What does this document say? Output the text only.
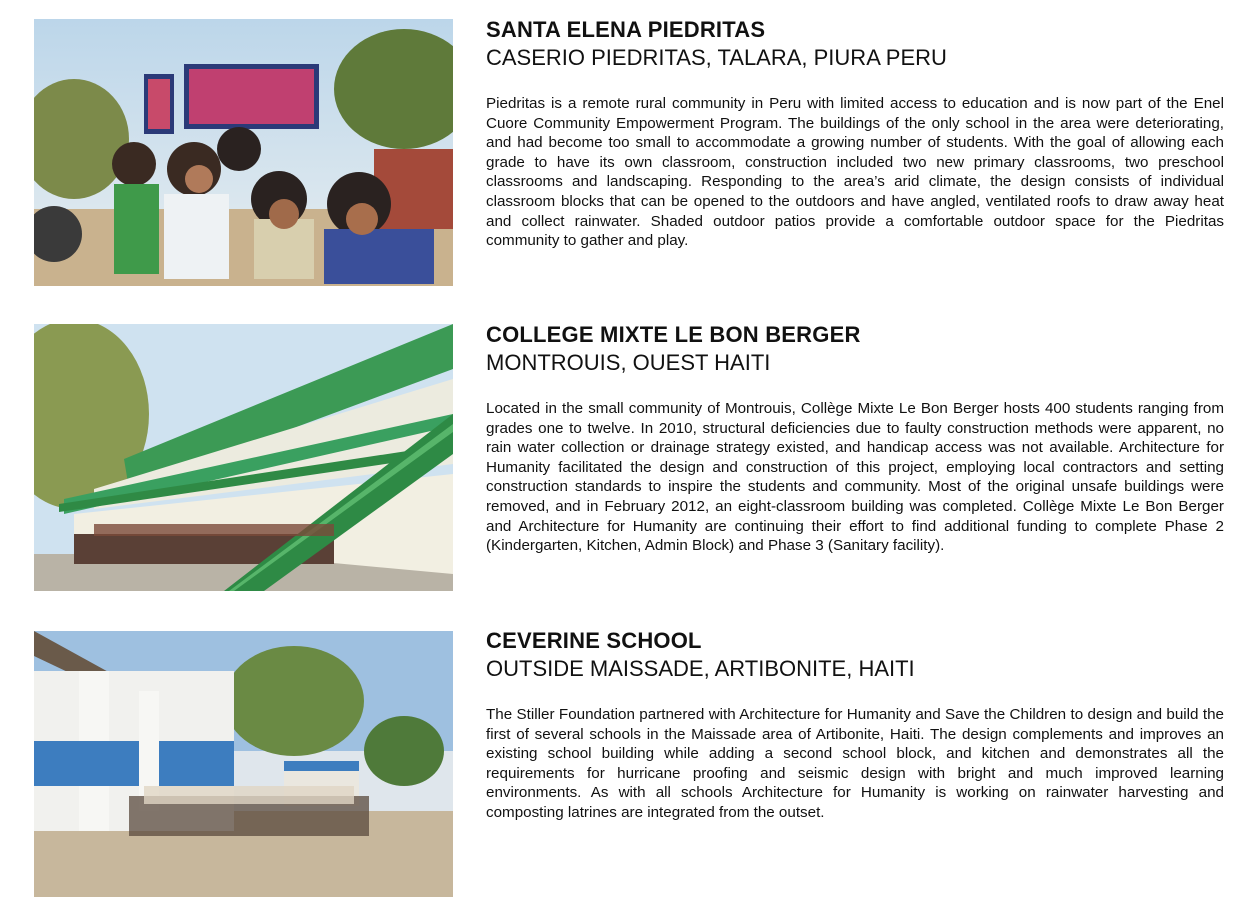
SANTA ELENA PIEDRITAS
CASERIO PIEDRITAS, TALARA, PIURA PERU

Piedritas is a remote rural community in Peru with limited access to education and is now part of the Enel Cuore Community Empowerment Program. The buildings of the only school in the area were deteriorating, and had become too small to accommodate a growing number of students. With the goal of allowing each grade to have its own classroom, construction included two new primary classrooms, two preschool classrooms and landscaping. Responding to the area’s arid climate, the design consists of individual classroom blocks that can be opened to the outdoors and have angled, ventilated roofs to draw away heat and collect rainwater. Shaded outdoor patios provide a comfortable outdoor space for the Piedritas community to gather and play.

COLLEGE MIXTE LE BON BERGER
MONTROUIS, OUEST HAITI

Located in the small community of Montrouis, Collège Mixte Le Bon Berger hosts 400 students ranging from grades one to twelve. In 2010, structural deficiencies due to faulty construction methods were apparent, no rain water collection or drainage strategy existed, and handicap access was not available. Architecture for Humanity facilitated the design and construction of this project, employing local contractors and setting construction standards to inspire the students and community. Most of the original unsafe buildings were removed, and in February 2012, an eight-classroom building was completed. Collège Mixte Le Bon Berger and Architecture for Humanity are continuing their effort to find additional funding to complete Phase 2 (Kindergarten, Kitchen, Admin Block) and Phase 3 (Sanitary facility).

CEVERINE SCHOOL
OUTSIDE MAISSADE, ARTIBONITE, HAITI

The Stiller Foundation partnered with Architecture for Humanity and Save the Children to design and build the first of several schools in the Maissade area of Artibonite, Haiti. The design complements and improves an existing school building while adding a second school block, and kitchen and demonstrates all the requirements for hurricane proofing and seismic design with bright and much improved learning environments. As with all schools Architecture for Humanity is working on rainwater harvesting and composting latrines are integrated from the outset.
